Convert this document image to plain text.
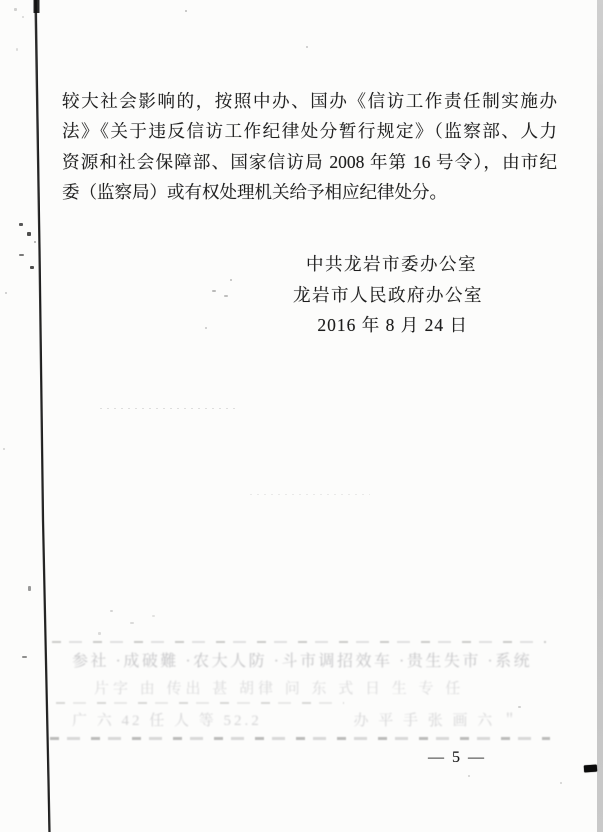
较大社会影响的，按照中办、国办《信访工作责任制实施办
法》《关于违反信访工作纪律处分暂行规定》（监察部、人力
资源和社会保障部、国家信访局 2008 年第 16 号令），由市纪
委（监察局）或有权处理机关给予相应纪律处分。
中共龙岩市委办公室
龙岩市人民政府办公室
2016 年 8 月 24 日
参社 ·成破難 ·农大人防 ·斗市调招效车 ·贵生失市 ·系统
片字 由 传出 甚 胡律 问 东 式 日 生 专 任
广 六 42 任 人 等 52.2	办 平 手 张 画 六 ＂
— 5 —
